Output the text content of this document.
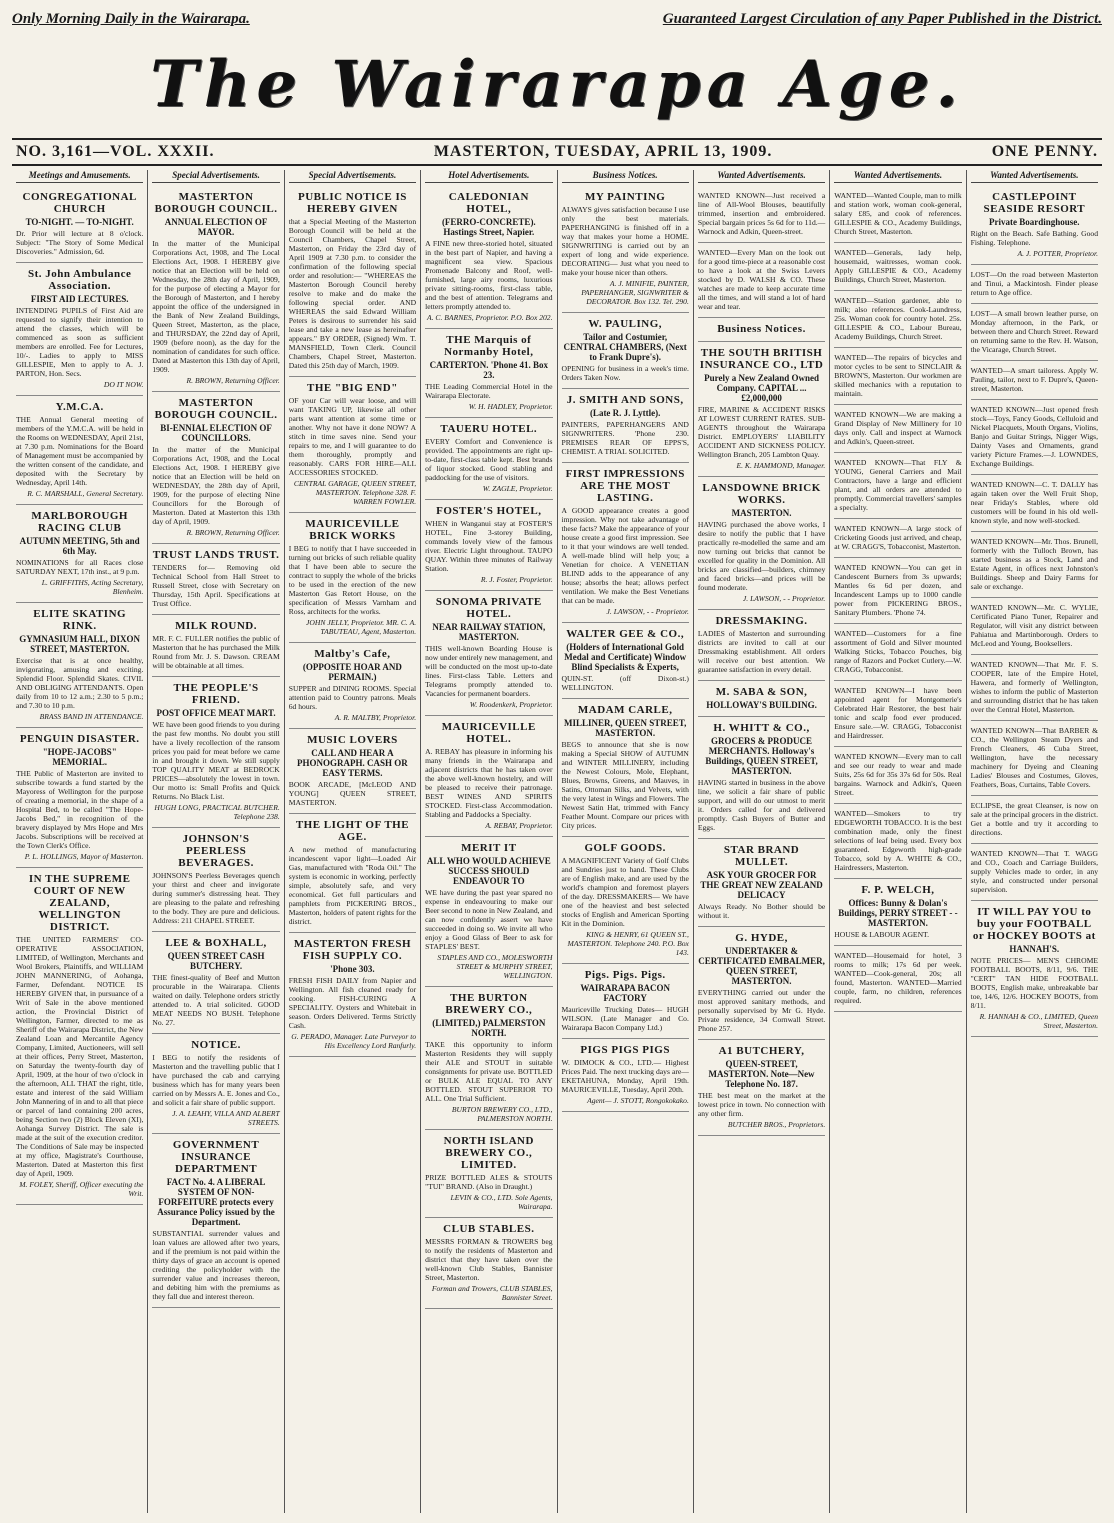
Only Morning Daily in the Wairarapa.	Guaranteed Largest Circulation of any Paper Published in the District.
The Wairarapa Age.
NO. 3,161—VOL. XXXII.	MASTERTON, TUESDAY, APRIL 13, 1909.	ONE PENNY.
Meetings and Amusements.
CONGREGATIONAL CHURCH
TO-NIGHT. — TO-NIGHT.

Dr. Prior will lecture at 8 o'clock. Subject: "The Story of Some Medical Discoveries." Admission, 6d.

St. John Ambulance Association.
FIRST AID LECTURES.

INTENDING PUPILS of First Aid are requested to signify their intention to attend the classes, which will be commenced as soon as sufficient members are enrolled. Fee for Lectures, 10/-. Ladies to apply to MISS GILLESPIE, Men to apply to A. J. PARTON, Hon. Secs.

DO IT NOW.
Y.M.C.A.

THE Annual General meeting of members of the Y.M.C.A. will be held in the Rooms on WEDNESDAY, April 21st, at 7.30 p.m. Nominations for the Board of Management must be accompanied by the written consent of the candidate, and deposited with the Secretary by Wednesday, April 14th.

R. C. MARSHALL, General Secretary.
MARLBOROUGH RACING CLUB
AUTUMN MEETING, 5th and 6th May.

NOMINATIONS for all Races close SATURDAY NEXT, 17th inst., at 9 p.m.

L. GRIFFITHS, Acting Secretary, Blenheim.
ELITE SKATING RINK.
GYMNASIUM HALL, DIXON STREET, MASTERTON.

Exercise that is at once healthy, invigorating, amusing and exciting. Splendid Floor. Splendid Skates. CIVIL AND OBLIGING ATTENDANTS. Open daily from 10 to 12 a.m.; 2.30 to 5 p.m.; and 7.30 to 10 p.m.

BRASS BAND IN ATTENDANCE.
PENGUIN DISASTER.
"HOPE-JACOBS" MEMORIAL.

THE Public of Masterton are invited to subscribe towards a fund started by the Mayoress of Wellington for the purpose of creating a memorial, in the shape of a Hospital Bed, to be called "The Hope-Jacobs Bed," in recognition of the bravery displayed by Mrs Hope and Mrs Jacobs. Subscriptions will be received at the Town Clerk's Office.

P. L. HOLLINGS, Mayor of Masterton.
IN THE SUPREME COURT OF NEW ZEALAND, WELLINGTON DISTRICT.

THE UNITED FARMERS' CO-OPERATIVE ASSOCIATION, LIMITED, of Wellington, Merchants and Wool Brokers, Plaintiffs, and WILLIAM JOHN MANNERING, of Aohanga, Farmer, Defendant. NOTICE IS HEREBY GIVEN that, in pursuance of a Writ of Sale in the above mentioned action, the Provincial District of Wellington, Farmer, directed to me as Sheriff of the Wairarapa District, the New Zealand Loan and Mercantile Agency Company, Limited, Auctioneers, will sell at their offices, Perry Street, Masterton, on Saturday the twenty-fourth day of April, 1909, at the hour of two o'clock in the afternoon, ALL THAT the right, title, estate and interest of the said William John Mannering of in and to all that piece or parcel of land containing 200 acres, being Section two (2) Block Eleven (XI), Aohanga Survey District. The sale is made at the suit of the execution creditor. The Conditions of Sale may be inspected at my office, Magistrate's Courthouse, Masterton. Dated at Masterton this first day of April, 1909.

M. FOLEY, Sheriff, Officer executing the Writ.
Special Advertisements.
MASTERTON BOROUGH COUNCIL.
ANNUAL ELECTION OF MAYOR.

In the matter of the Municipal Corporations Act, 1908, and The Local Elections Act, 1908. I HEREBY give notice that an Election will be held on Wednesday, the 28th day of April, 1909, for the purpose of electing a Mayor for the Borough of Masterton, and I hereby appoint the office of the undersigned in the Bank of New Zealand Buildings, Queen Street, Masterton, as the place, and THURSDAY, the 22nd day of April, 1909 (before noon), as the day for the nomination of candidates for such office. Dated at Masterton this 13th day of April, 1909.

R. BROWN, Returning Officer.
MASTERTON BOROUGH COUNCIL.
BI-ENNIAL ELECTION OF COUNCILLORS.

In the matter of the Municipal Corporations Act, 1908, and the Local Elections Act, 1908. I HEREBY give notice that an Election will be held on WEDNESDAY, the 28th day of April, 1909, for the purpose of electing Nine Councillors for the Borough of Masterton. Dated at Masterton this 13th day of April, 1909.

R. BROWN, Returning Officer.
TRUST LANDS TRUST.

TENDERS for— Removing old Technical School from Hall Street to Russell Street, close with Secretary on Thursday, 15th April. Specifications at Trust Office.

MILK ROUND.

MR. F. C. FULLER notifies the public of Masterton that he has purchased the Milk Round from Mr. J. S. Dawson. CREAM will be obtainable at all times.

THE PEOPLE'S FRIEND.
POST OFFICE MEAT MART.

WE have been good friends to you during the past few months. No doubt you still have a lively recollection of the ransom prices you paid for meat before we came in and brought it down. We still supply TOP QUALITY MEAT at BEDROCK PRICES—absolutely the lowest in town. Our motto is: Small Profits and Quick Returns. No Black List.

HUGH LONG, PRACTICAL BUTCHER. Telephone 238.
JOHNSON'S PEERLESS BEVERAGES.

JOHNSON'S Peerless Beverages quench your thirst and cheer and invigorate during summer's distressing heat. They are pleasing to the palate and refreshing to the body. They are pure and delicious. Address: 211 CHAPEL STREET.

LEE & BOXHALL,
QUEEN STREET CASH BUTCHERY.

THE finest-quality of Beef and Mutton procurable in the Wairarapa. Clients waited on daily. Telephone orders strictly attended to. A trial solicited. GOOD MEAT NEEDS NO BUSH. Telephone No. 27.

NOTICE.

I BEG to notify the residents of Masterton and the travelling public that I have purchased the cab and carrying business which has for many years been carried on by Messrs A. E. Jones and Co., and solicit a fair share of public support.

J. A. LEAHY, VILLA AND ALBERT STREETS.
GOVERNMENT INSURANCE DEPARTMENT
FACT No. 4. A LIBERAL SYSTEM OF NON-FORFEITURE protects every Assurance Policy issued by the Department.

SUBSTANTIAL surrender values and loan values are allowed after two years, and if the premium is not paid within the thirty days of grace an account is opened crediting the policyholder with the surrender value and increases thereon, and debiting him with the premiums as they fall due and interest thereon.

Special Advertisements.
PUBLIC NOTICE IS HEREBY GIVEN

that a Special Meeting of the Masterton Borough Council will be held at the Council Chambers, Chapel Street, Masterton, on Friday the 23rd day of April 1909 at 7.30 p.m. to consider the confirmation of the following special order and resolution:— "WHEREAS the Masterton Borough Council hereby resolve to make and do make the following special order. AND WHEREAS the said Edward William Peters is desirous to surrender his said lease and take a new lease as hereinafter appears." BY ORDER, (Signed) Wm. T. MANSFIELD, Town Clerk. Council Chambers, Chapel Street, Masterton. Dated this 25th day of March, 1909.

THE "BIG END"

OF your Car will wear loose, and will want TAKING UP, likewise all other parts want attention at some time or another. Why not have it done NOW? A stitch in time saves nine. Send your repairs to me, and I will guarantee to do them thoroughly, promptly and reasonably. CARS FOR HIRE—ALL ACCESSORIES STOCKED.

CENTRAL GARAGE, QUEEN STREET, MASTERTON. Telephone 328. F. WARREN FOWLER.
MAURICEVILLE BRICK WORKS

I BEG to notify that I have succeeded in turning out bricks of such reliable quality that I have been able to secure the contract to supply the whole of the bricks to be used in the erection of the new Masterton Gas Retort House, on the specification of Messrs Varnham and Ross, architects for the works.

JOHN JELLY, Proprietor. MR. C. A. TABUTEAU, Agent, Masterton.
Maltby's Cafe,
(OPPOSITE HOAR AND PERMAIN.)

SUPPER and DINING ROOMS. Special attention paid to Country patrons. Meals 6d hours.

A. R. MALTBY, Proprietor.
MUSIC LOVERS
CALL AND HEAR A PHONOGRAPH. CASH OR EASY TERMS.

BOOK ARCADE, [McLEOD AND YOUNG] QUEEN STREET, MASTERTON.

THE LIGHT OF THE AGE.

A new method of manufacturing incandescent vapor light—Loaded Air Gas, manufactured with "Roda Oil." The system is economic in working, perfectly simple, absolutely safe, and very economical. Get full particulars and pamphlets from PICKERING BROS., Masterton, holders of patent rights for the district.

MASTERTON FRESH FISH SUPPLY CO.
'Phone 303.

FRESH FISH DAILY from Napier and Wellington. All fish cleaned ready for cooking. FISH-CURING A SPECIALITY. Oysters and Whitebait in season. Orders Delivered. Terms Strictly Cash.

G. PERADO, Manager. Late Purveyor to His Excellency Lord Ranfurly.
Hotel Advertisements.
CALEDONIAN HOTEL,
(FERRO-CONCRETE). Hastings Street, Napier.

A FINE new three-storied hotel, situated in the best part of Napier, and having a magnificent sea view. Spacious Promenade Balcony and Roof, well-furnished, large airy rooms, luxurious private sitting-rooms, first-class table, and the best of attention. Telegrams and letters promptly attended to.

A. C. BARNES, Proprietor. P.O. Box 202.
THE Marquis of Normanby Hotel,
CARTERTON. 'Phone 41. Box 23.

THE Leading Commercial Hotel in the Wairarapa Electorate.

W. H. HADLEY, Proprietor.
TAUERU HOTEL.

EVERY Comfort and Convenience is provided. The appointments are right up-to-date, first-class table kept. Best brands of liquor stocked. Good stabling and paddocking for the use of visitors.

W. ZAGLE, Proprietor.
FOSTER'S HOTEL,

WHEN in Wanganui stay at FOSTER'S HOTEL, Fine 3-storey Building, commands lovely view of the famous river. Electric Light throughout. TAUPO QUAY. Within three minutes of Railway Station.

R. J. Foster, Proprietor.
SONOMA PRIVATE HOTEL.
NEAR RAILWAY STATION, MASTERTON.

THIS well-known Boarding House is now under entirely new management, and will be conducted on the most up-to-date lines. First-class Table. Letters and Telegrams promptly attended to. Vacancies for permanent boarders.

W. Roodenkerk, Proprietor.
MAURICEVILLE HOTEL.

A. REBAY has pleasure in informing his many friends in the Wairarapa and adjacent districts that he has taken over the above well-known hostelry, and will be pleased to receive their patronage. BEST WINES AND SPIRITS STOCKED. First-class Accommodation. Stabling and Paddocks a Specialty.

A. REBAY, Proprietor.
MERIT IT
ALL WHO WOULD ACHIEVE SUCCESS SHOULD ENDEAVOUR TO

WE have during the past year spared no expense in endeavouring to make our Beer second to none in New Zealand, and can now confidently assert we have succeeded in doing so. We invite all who enjoy a Good Glass of Beer to ask for STAPLES' BEST.

STAPLES AND CO., MOLESWORTH STREET & MURPHY STREET, WELLINGTON.
THE BURTON BREWERY CO.,
(LIMITED,) PALMERSTON NORTH.

TAKE this opportunity to inform Masterton Residents they will supply their ALE and STOUT in suitable consignments for private use. BOTTLED or BULK ALE EQUAL TO ANY BOTTLED. STOUT SUPERIOR TO ALL. One Trial Sufficient.

BURTON BREWERY CO., LTD., PALMERSTON NORTH.
NORTH ISLAND BREWERY CO., LIMITED.

PRIZE BOTTLED ALES & STOUTS "TUI" BRAND. (Also in Draught.)

LEVIN & CO., LTD. Sole Agents, Wairarapa.
CLUB STABLES.

MESSRS FORMAN & TROWERS beg to notify the residents of Masterton and district that they have taken over the well-known Club Stables, Bannister Street, Masterton.

Forman and Trowers, CLUB STABLES, Bannister Street.
Business Notices.
MY PAINTING

ALWAYS gives satisfaction because I use only the best materials. PAPERHANGING is finished off in a way that makes your home a HOME. SIGNWRITING is carried out by an expert of long and wide experience. DECORATING— Just what you need to make your house nicer than others.

A. J. MINIFIE, PAINTER, PAPERHANGER, SIGNWRITER & DECORATOR. Box 132. Tel. 290.
W. PAULING,
Tailor and Costumier, CENTRAL CHAMBERS, (Next to Frank Dupre's).

OPENING for business in a week's time. Orders Taken Now.

J. SMITH AND SONS,
(Late R. J. Lyttle).

PAINTERS, PAPERHANGERS AND SIGNWRITERS. 'Phone 230. PREMISES REAR OF EPPS'S, CHEMIST. A TRIAL SOLICITED.

FIRST IMPRESSIONS ARE THE MOST LASTING.

A GOOD appearance creates a good impression. Why not take advantage of these facts? Make the appearance of your house create a good first impression. See to it that your windows are well tended. A well-made blind will help you; a Venetian for choice. A VENETIAN BLIND adds to the appearance of any house; absorbs the heat; allows perfect ventilation. We make the Best Venetians that can be made.

J. LAWSON, - - Proprietor.
WALTER GEE & CO.,
(Holders of International Gold Medal and Certificate) Window Blind Specialists & Experts,

QUIN-ST. (off Dixon-st.) WELLINGTON.

MADAM CARLE,
MILLINER, QUEEN STREET, MASTERTON.

BEGS to announce that she is now making a Special SHOW of AUTUMN and WINTER MILLINERY, including the Newest Colours, Mole, Elephant, Blues, Browns, Greens, and Mauves, in Satins, Ottoman Silks, and Velvets, with the very latest in Wings and Flowers. The Newest Satin Hat, trimmed with Fancy Feather Mount. Compare our prices with City prices.

GOLF GOODS.

A MAGNIFICENT Variety of Golf Clubs and Sundries just to hand. These Clubs are of English make, and are used by the world's champion and foremost players of the day. DRESSMAKERS— We have one of the heaviest and best selected stocks of English and American Sporting Kit in the Dominion.

KING & HENRY, 61 QUEEN ST., MASTERTON. Telephone 240. P.O. Box 143.
Pigs. Pigs. Pigs.
WAIRARAPA BACON FACTORY

Mauriceville Trucking Dates— HUGH WILSON. (Late Manager and Co. Wairarapa Bacon Company Ltd.)

PIGS PIGS PIGS

W. DIMOCK & CO., LTD.— Highest Prices Paid. The next trucking days are— EKETAHUNA, Monday, April 19th. MAURICEVILLE, Tuesday, April 20th.

Agent— J. STOTT, Rongokokako.
Wanted Advertisements.

WANTED KNOWN—Just received a line of All-Wool Blouses, beautifully trimmed, insertion and embroidered. Special bargain prices 5s 6d for to 11d.— Warnock and Adkin, Queen-street.

WANTED—Every Man on the look out for a good time-piece at a reasonable cost to have a look at the Swiss Levers stocked by D. WALSH & CO. These watches are made to keep accurate time all the times, and will stand a lot of hard wear and tear.

Business Notices.
THE SOUTH BRITISH INSURANCE CO., LTD
Purely a New Zealand Owned Company. CAPITAL ... £2,000,000

FIRE, MARINE & ACCIDENT RISKS AT LOWEST CURRENT RATES. SUB-AGENTS throughout the Wairarapa District. EMPLOYERS' LIABILITY ACCIDENT AND SICKNESS POLICY. Wellington Branch, 205 Lambton Quay.

E. K. HAMMOND, Manager.
LANSDOWNE BRICK WORKS.
MASTERTON.

HAVING purchased the above works, I desire to notify the public that I have practically re-modelled the same and am now turning out bricks that cannot be excelled for quality in the Dominion. All bricks are classified—builders, chimney and faced bricks—and prices will be found moderate.

J. LAWSON, - - Proprietor.
DRESSMAKING.

LADIES of Masterton and surrounding districts are invited to call at our Dressmaking establishment. All orders will receive our best attention. We guarantee satisfaction in every detail.

M. SABA & SON,
HOLLOWAY'S BUILDING.
H. WHITT & CO.,
GROCERS & PRODUCE MERCHANTS. Holloway's Buildings, QUEEN STREET, MASTERTON.

HAVING started in business in the above line, we solicit a fair share of public support, and will do our utmost to merit it. Orders called for and delivered promptly. Cash Buyers of Butter and Eggs.

STAR BRAND MULLET.
ASK YOUR GROCER FOR THE GREAT NEW ZEALAND DELICACY

Always Ready. No Bother should be without it.

G. HYDE,
UNDERTAKER & CERTIFICATED EMBALMER, QUEEN STREET, MASTERTON.

EVERYTHING carried out under the most approved sanitary methods, and personally supervised by Mr G. Hyde. Private residence, 34 Cornwall Street. Phone 257.

A1 BUTCHERY,
QUEEN-STREET, MASTERTON. Note—New Telephone No. 187.

THE best meat on the market at the lowest price in town. No connection with any other firm.

BUTCHER BROS., Proprietors.
Wanted Advertisements.

WANTED—Wanted Couple, man to milk and station work, woman cook-general, salary £85, and cook of references. GILLESPIE & CO., Academy Buildings, Church Street, Masterton.

WANTED—Generals, lady help, housemaid, waitresses, woman cook. Apply GILLESPIE & CO., Academy Buildings, Church Street, Masterton.

WANTED—Station gardener, able to milk; also references. Cook-Laundress, 25s. Woman cook for country hotel. 25s. GILLESPIE & CO., Labour Bureau, Academy Buildings, Church Street.

WANTED—The repairs of bicycles and motor cycles to be sent to SINCLAIR & BROWN'S, Masterton. Our workmen are skilled mechanics with a reputation to maintain.

WANTED KNOWN—We are making a Grand Display of New Millinery for 10 days only. Call and inspect at Warnock and Adkin's, Queen-street.

WANTED KNOWN—That FLY & YOUNG, General Carriers and Mail Contractors, have a large and efficient plant, and all orders are attended to promptly. Commercial travellers' samples a specialty.

WANTED KNOWN—A large stock of Cricketing Goods just arrived, and cheap, at W. CRAGG'S, Tobacconist, Masterton.

WANTED KNOWN—You can get in Candescent Burners from 3s upwards; Mantles 6s 6d per dozen, and Incandescent Lamps up to 1000 candle power from PICKERING BROS., Sanitary Plumbers. 'Phone 74.

WANTED—Customers for a fine assortment of Gold and Silver mounted Walking Sticks, Tobacco Pouches, big range of Razors and Pocket Cutlery.—W. CRAGG, Tobacconist.

WANTED KNOWN—I have been appointed agent for Montgomerie's Celebrated Hair Restorer, the best hair tonic and scalp food ever produced. Ensure sale.—W. CRAGG, Tobacconist and Hairdresser.

WANTED KNOWN—Every man to call and see our ready to wear and made Suits, 25s 6d for 35s 37s 6d for 50s. Real bargains. Warnock and Adkin's, Queen Street.

WANTED—Smokers to try EDGEWORTH TOBACCO. It is the best combination made, only the finest selections of leaf being used. Every box guaranteed. Edgeworth high-grade Tobacco, sold by A. WHITE & CO., Hairdressers, Masterton.

F. P. WELCH,
Offices: Bunny & Dolan's Buildings, PERRY STREET - - MASTERTON.

HOUSE & LABOUR AGENT.

WANTED—Housemaid for hotel, 3 rooms to milk; 17s 6d per week. WANTED—Cook-general, 20s; all found, Masterton. WANTED—Married couple, farm, no children, references required.

Wanted Advertisements.
CASTLEPOINT SEASIDE RESORT
Private Boardinghouse.

Right on the Beach. Safe Bathing. Good Fishing. Telephone.

A. J. POTTER, Proprietor.

LOST—On the road between Masterton and Tinui, a Mackintosh. Finder please return to Age office.

LOST—A small brown leather purse, on Monday afternoon, in the Park, or between there and Church Street. Reward on returning same to the Rev. H. Watson, the Vicarage, Church Street.

WANTED—A smart tailoress. Apply W. Pauling, tailor, next to F. Dupre's, Queen-street, Masterton.

WANTED KNOWN—Just opened fresh stock—Toys, Fancy Goods, Celluloid and Nickel Placquets, Mouth Organs, Violins, Banjo and Guitar Strings, Nigger Wigs, Dainty Vases and Ornaments, grand variety Picture Frames.—J. LOWNDES, Exchange Buildings.

WANTED KNOWN—C. T. DALLY has again taken over the Well Fruit Shop, near Friday's Stables, where old customers will be found in his old well-known style, and now well-stocked.

WANTED KNOWN—Mr. Thos. Brunell, formerly with the Tulloch Brown, has started business as a Stock, Land and Estate Agent, in offices next Johnston's Buildings. Sheep and Dairy Farms for sale or exchange.

WANTED KNOWN—Mr. C. WYLIE, Certificated Piano Tuner, Repairer and Regulator, will visit any district between Pahiatua and Martinborough. Orders to McLeod and Young, Booksellers.

WANTED KNOWN—That Mr. F. S. COOPER, late of the Empire Hotel, Hawera, and formerly of Wellington, wishes to inform the public of Masterton and surrounding district that he has taken over the Central Hotel, Masterton.

WANTED KNOWN—That BARBER & CO., the Wellington Steam Dyers and French Cleaners, 46 Cuba Street, Wellington, have the necessary machinery for Dyeing and Cleaning Ladies' Blouses and Costumes, Gloves, Feathers, Boas, Curtains, Table Covers.

ECLIPSE, the great Cleanser, is now on sale at the principal grocers in the district. Get a bottle and try it according to directions.

WANTED KNOWN—That T. WAGG and CO., Coach and Carriage Builders, supply Vehicles made to order, in any style, and constructed under personal supervision.

IT WILL PAY YOU to buy your FOOTBALL or HOCKEY BOOTS at
HANNAH'S.

NOTE PRICES— MEN'S CHROME FOOTBALL BOOTS, 8/11, 9/6. THE "CERT" TAN HIDE FOOTBALL BOOTS, English make, unbreakable bar toe, 14/6, 12/6. HOCKEY BOOTS, from 8/11.

R. HANNAH & CO., LIMITED, Queen Street, Masterton.
